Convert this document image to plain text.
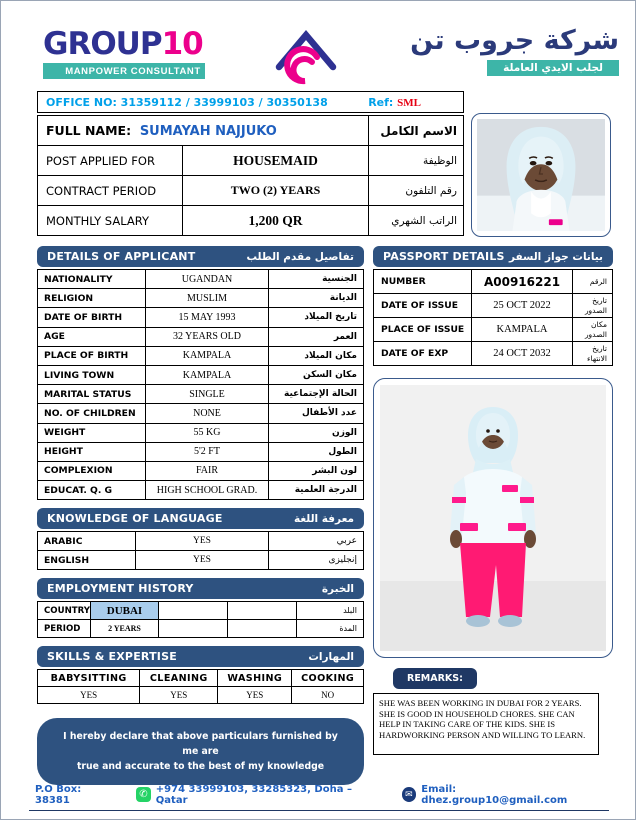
GROUP10
MANPOWER CONSULTANT
شركة جروب تن
لجلب الايدي العاملة
OFFICE NO: 31359112 / 33999103 / 30350138	Ref: SML
FULL NAME: SUMAYAH NAJJUKO		الاسم الكامل
POST APPLIED FOR	HOUSEMAID	الوظيفة
CONTRACT PERIOD	TWO (2) YEARS	رقم التلفون
MONTHLY SALARY	1,200 QR	الراتب الشهري
DETAILS OF APPLICANT	تفاصيل مقدم الطلب
NATIONALITY	UGANDAN	الجنسية
RELIGION	MUSLIM	الديانة
DATE OF BIRTH	15 MAY 1993	تاريخ الميلاد
AGE	32 YEARS OLD	العمر
PLACE OF BIRTH	KAMPALA	مكان الميلاد
LIVING TOWN	KAMPALA	مكان السكن
MARITAL STATUS	SINGLE	الحالة الإجتماعية
NO. OF CHILDREN	NONE	عدد الأطفال
WEIGHT	55 KG	الوزن
HEIGHT	5'2 FT	الطول
COMPLEXION	FAIR	لون البشر
EDUCAT. Q. G	HIGH SCHOOL GRAD.	الدرجة العلمية
KNOWLEDGE OF LANGUAGE	معرفة اللغة
ARABIC	YES	عربي
ENGLISH	YES	إنجليزى
EMPLOYMENT HISTORY	الخبرة
COUNTRY	DUBAI			البلد
PERIOD	2 YEARS			المدة
SKILLS & EXPERTISE	المهارات
BABYSITTING	CLEANING	WASHING	COOKING
YES	YES	YES	NO
I hereby declare that above particulars furnished by me are
true and accurate to the best of my knowledge
PASSPORT DETAILS بيانات جواز السفر
NUMBER	A00916221	الرقم
DATE OF ISSUE	25 OCT 2022	تاريخ الصدور
PLACE OF ISSUE	KAMPALA	مكان الصدور
DATE OF EXP	24 OCT 2032	تاريخ الانتهاء
REMARKS:
SHE WAS BEEN WORKING IN DUBAI FOR 2 YEARS. SHE IS GOOD IN HOUSEHOLD CHORES. SHE CAN HELP IN TAKING CARE OF THE KIDS. SHE IS HARDWORKING PERSON AND WILLING TO LEARN.
P.O Box: 38381	✆ +974 33999103, 33285323, Doha – Qatar	✉ Email: dhez.group10@gmail.com
